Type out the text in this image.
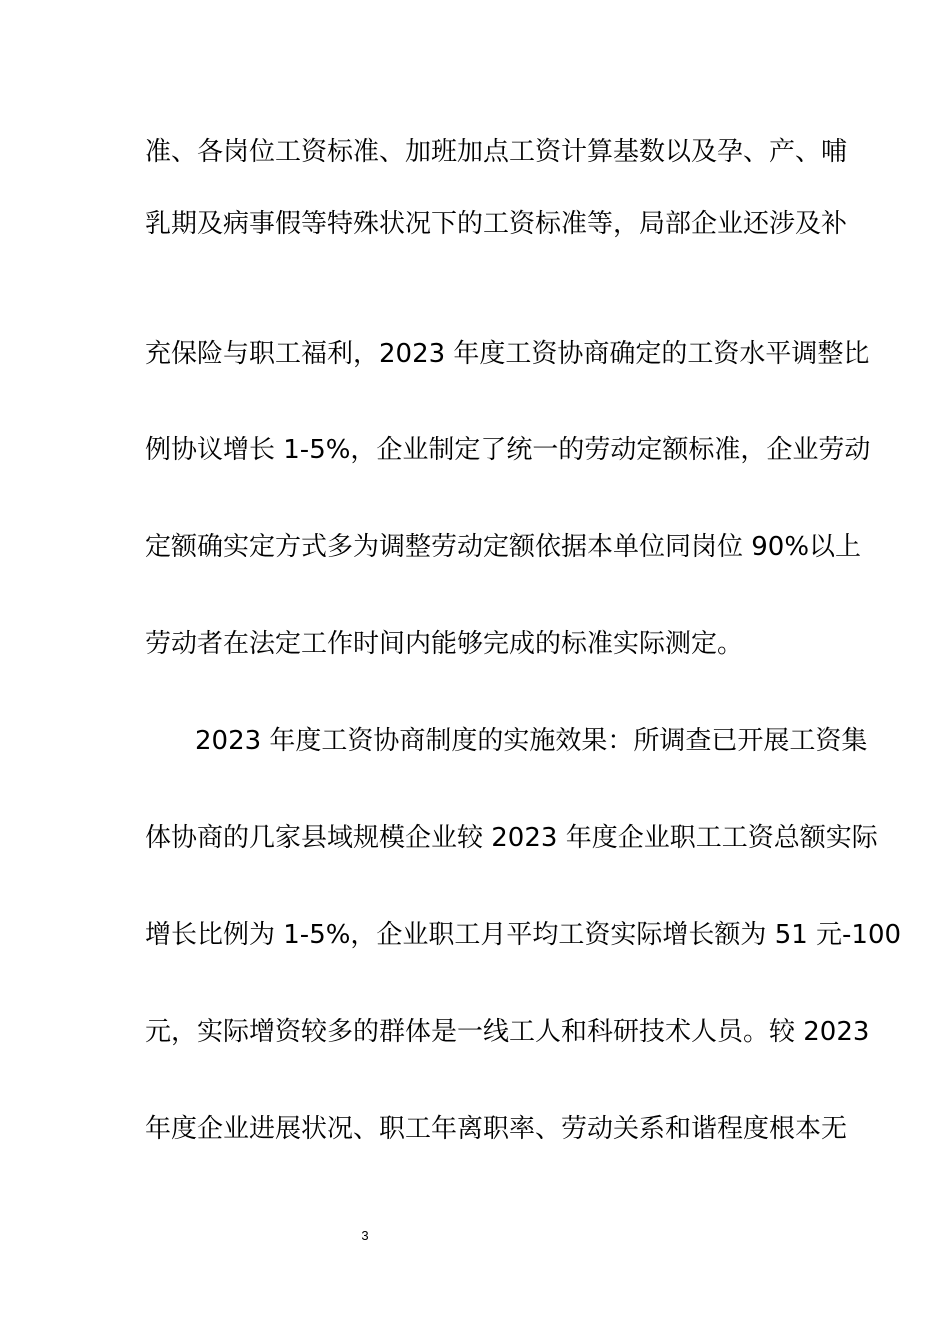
准、各岗位工资标准、加班加点工资计算基数以及孕、产、哺
乳期及病事假等特殊状况下的工资标准等，局部企业还涉及补
充保险与职工福利，2023 年度工资协商确定的工资水平调整比
例协议增长 1-5%，企业制定了统一的劳动定额标准，企业劳动
定额确实定方式多为调整劳动定额依据本单位同岗位 90%以上
劳动者在法定工作时间内能够完成的标准实际测定。
2023 年度工资协商制度的实施效果：所调查已开展工资集
体协商的几家县域规模企业较 2023 年度企业职工工资总额实际
增长比例为 1-5%，企业职工月平均工资实际增长额为 51 元-100
元，实际增资较多的群体是一线工人和科研技术人员。较 2023
年度企业进展状况、职工年离职率、劳动关系和谐程度根本无
3
